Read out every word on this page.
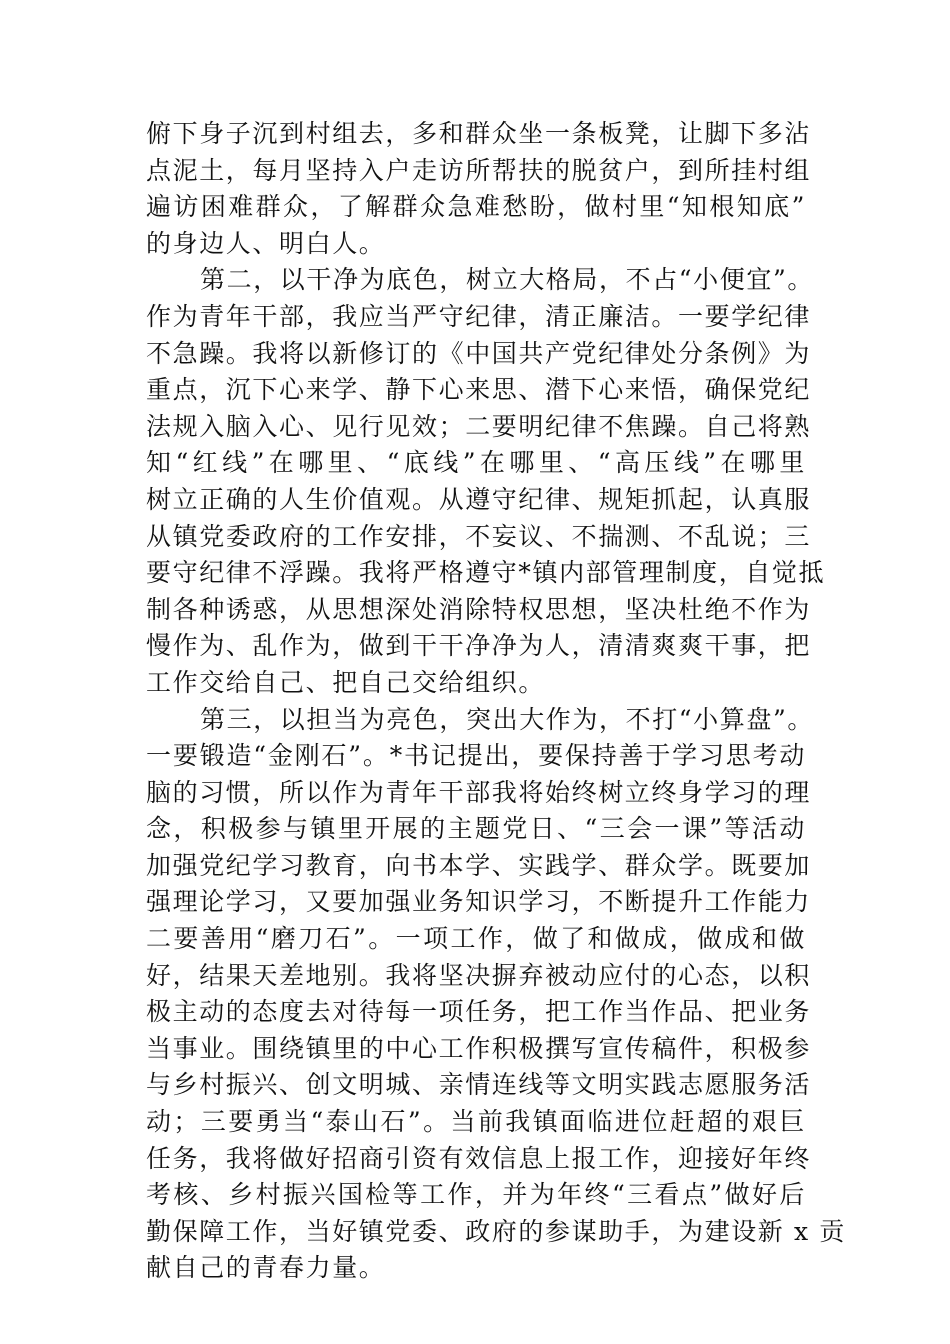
俯下身子沉到村组去，多和群众坐一条板凳，让脚下多沾
点泥土，每月坚持入户走访所帮扶的脱贫户，到所挂村组
遍访困难群众，了解群众急难愁盼，做村里“知根知底”
的身边人、明白人。
第二，以干净为底色，树立大格局，不占“小便宜”。
作为青年干部，我应当严守纪律，清正廉洁。一要学纪律
不急躁。我将以新修订的《中国共产党纪律处分条例》为
重点，沉下心来学、静下心来思、潜下心来悟，确保党纪
法规入脑入心、见行见效；二要明纪律不焦躁。自己将熟
知“红线”在哪里、“底线”在哪里、“高压线”在哪里
树立正确的人生价值观。从遵守纪律、规矩抓起，认真服
从镇党委政府的工作安排，不妄议、不揣测、不乱说；三
要守纪律不浮躁。我将严格遵守*镇内部管理制度，自觉抵
制各种诱惑，从思想深处消除特权思想，坚决杜绝不作为
慢作为、乱作为，做到干干净净为人，清清爽爽干事，把
工作交给自己、把自己交给组织。
第三，以担当为亮色，突出大作为，不打“小算盘”。
一要锻造“金刚石”。*书记提出，要保持善于学习思考动
脑的习惯，所以作为青年干部我将始终树立终身学习的理
念，积极参与镇里开展的主题党日、“三会一课”等活动
加强党纪学习教育，向书本学、实践学、群众学。既要加
强理论学习，又要加强业务知识学习，不断提升工作能力
二要善用“磨刀石”。一项工作，做了和做成，做成和做
好，结果天差地别。我将坚决摒弃被动应付的心态，以积
极主动的态度去对待每一项任务，把工作当作品、把业务
当事业。围绕镇里的中心工作积极撰写宣传稿件，积极参
与乡村振兴、创文明城、亲情连线等文明实践志愿服务活
动；三要勇当“泰山石”。当前我镇面临进位赶超的艰巨
任务，我将做好招商引资有效信息上报工作，迎接好年终
考核、乡村振兴国检等工作，并为年终“三看点”做好后
勤保障工作，当好镇党委、政府的参谋助手，为建设新 x 贡
献自己的青春力量。
